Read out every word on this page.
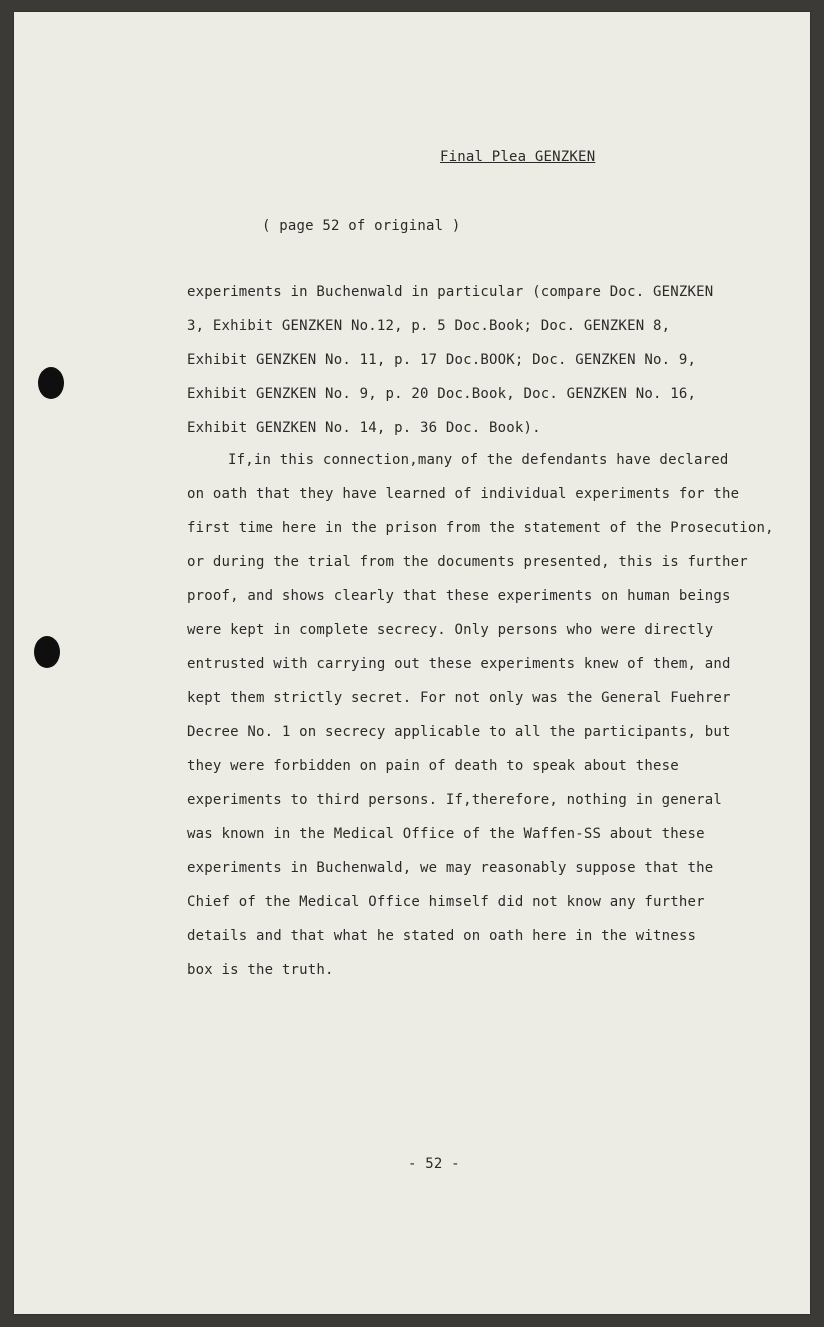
Final Plea GENZKEN
( page 52 of original )
experiments in Buchenwald in particular (compare Doc. GENZKEN
3, Exhibit GENZKEN No.12, p. 5 Doc.Book; Doc. GENZKEN 8,
Exhibit GENZKEN No. 11, p. 17 Doc.BOOK; Doc. GENZKEN No. 9,
Exhibit GENZKEN No. 9, p. 20 Doc.Book, Doc. GENZKEN No. 16,
Exhibit GENZKEN No. 14, p. 36 Doc. Book).
If,in this connection,many of the defendants have declared
on oath that they have learned of individual experiments for the
first time here in the prison from the statement of the Prosecution,
or during the trial from the documents presented, this is further
proof, and shows clearly that these experiments on human beings
were kept in complete secrecy. Only persons who were directly
entrusted with carrying out these experiments knew of them, and
kept them strictly secret. For not only was the General Fuehrer
Decree No. 1 on secrecy applicable to all the participants, but
they were forbidden on pain of death to speak about these
experiments to third persons. If,therefore, nothing in general
was known in the Medical Office of the Waffen-SS about these
experiments in Buchenwald, we may reasonably suppose that the
Chief of the Medical Office himself did not know any further
details and that what he stated on oath here in the witness
box is the truth.
- 52 -
